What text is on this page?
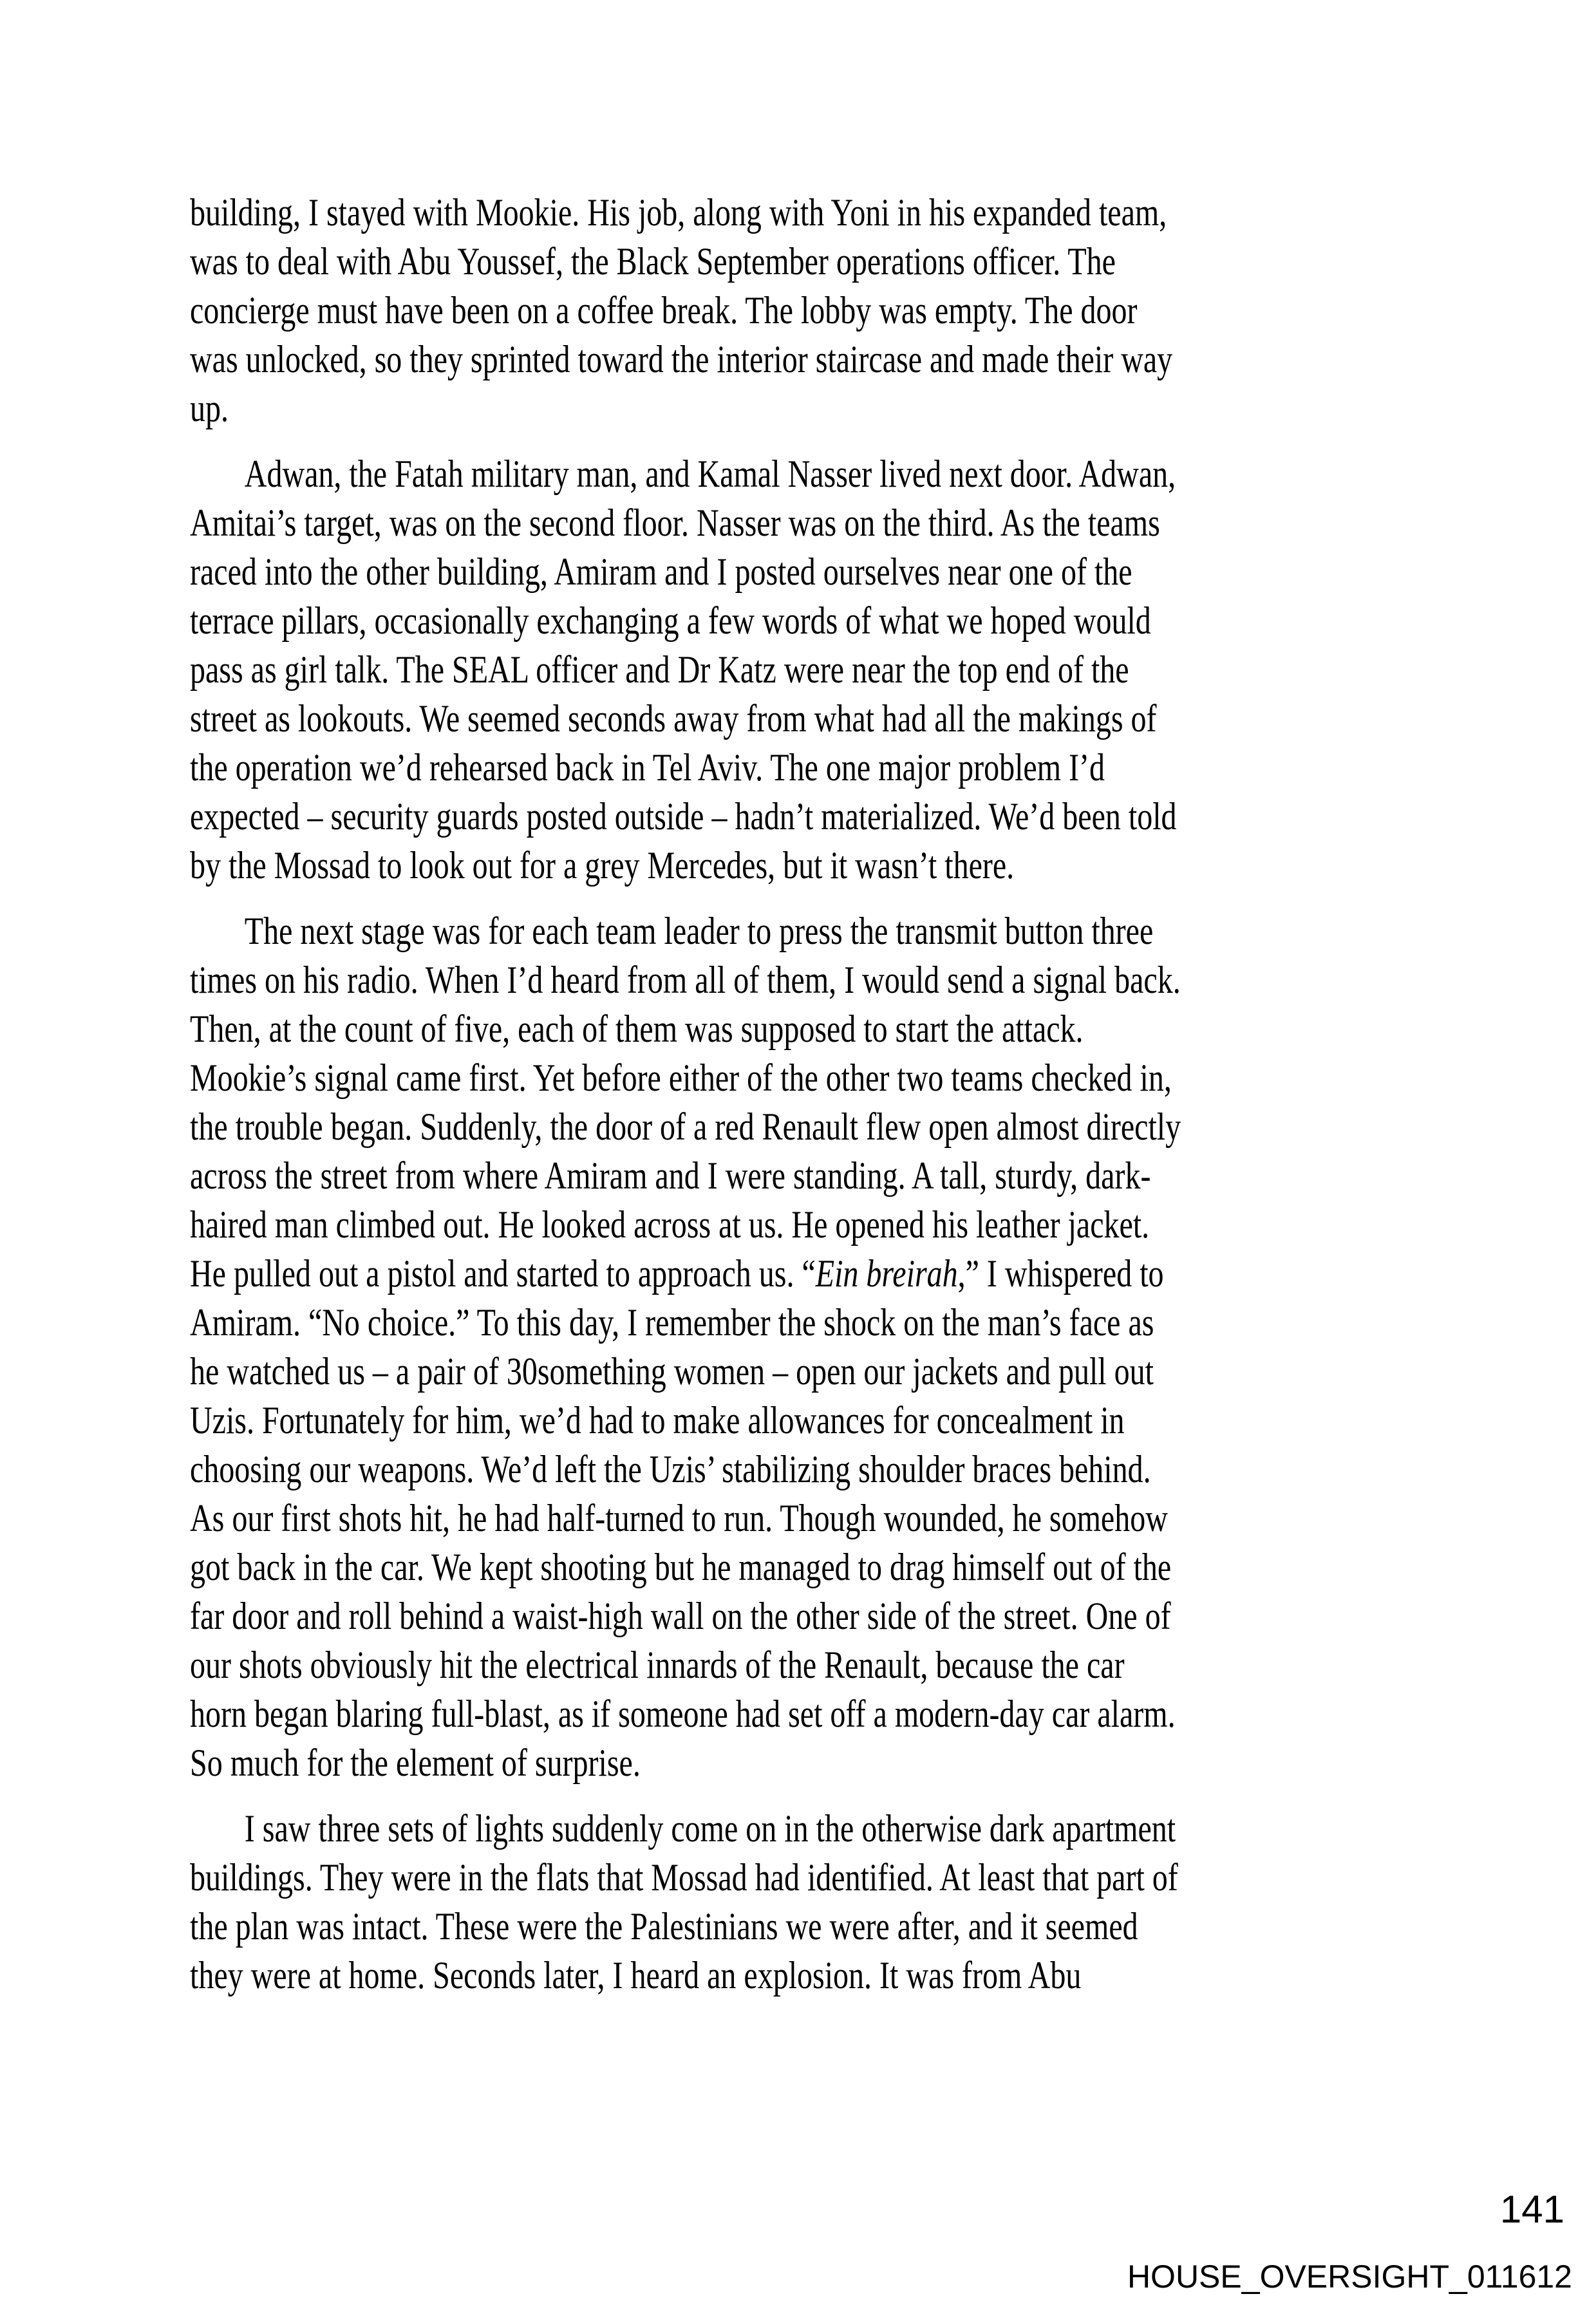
building, I stayed with Mookie. His job, along with Yoni in his expanded team,
was to deal with Abu Youssef, the Black September operations officer. The
concierge must have been on a coffee break. The lobby was empty. The door
was unlocked, so they sprinted toward the interior staircase and made their way
up.

Adwan, the Fatah military man, and Kamal Nasser lived next door. Adwan,
Amitai’s target, was on the second floor. Nasser was on the third. As the teams
raced into the other building, Amiram and I posted ourselves near one of the
terrace pillars, occasionally exchanging a few words of what we hoped would
pass as girl talk. The SEAL officer and Dr Katz were near the top end of the
street as lookouts. We seemed seconds away from what had all the makings of
the operation we’d rehearsed back in Tel Aviv. The one major problem I’d
expected – security guards posted outside – hadn’t materialized. We’d been told
by the Mossad to look out for a grey Mercedes, but it wasn’t there.

The next stage was for each team leader to press the transmit button three
times on his radio. When I’d heard from all of them, I would send a signal back.
Then, at the count of five, each of them was supposed to start the attack.
Mookie’s signal came first. Yet before either of the other two teams checked in,
the trouble began. Suddenly, the door of a red Renault flew open almost directly
across the street from where Amiram and I were standing. A tall, sturdy, dark-
haired man climbed out. He looked across at us. He opened his leather jacket.
He pulled out a pistol and started to approach us. “Ein breirah,” I whispered to
Amiram. “No choice.” To this day, I remember the shock on the man’s face as
he watched us – a pair of 30something women – open our jackets and pull out
Uzis. Fortunately for him, we’d had to make allowances for concealment in
choosing our weapons. We’d left the Uzis’ stabilizing shoulder braces behind.
As our first shots hit, he had half-turned to run. Though wounded, he somehow
got back in the car. We kept shooting but he managed to drag himself out of the
far door and roll behind a waist-high wall on the other side of the street. One of
our shots obviously hit the electrical innards of the Renault, because the car
horn began blaring full-blast, as if someone had set off a modern-day car alarm.
So much for the element of surprise.

I saw three sets of lights suddenly come on in the otherwise dark apartment
buildings. They were in the flats that Mossad had identified. At least that part of
the plan was intact. These were the Palestinians we were after, and it seemed
they were at home. Seconds later, I heard an explosion. It was from Abu

141
HOUSE_OVERSIGHT_011612
